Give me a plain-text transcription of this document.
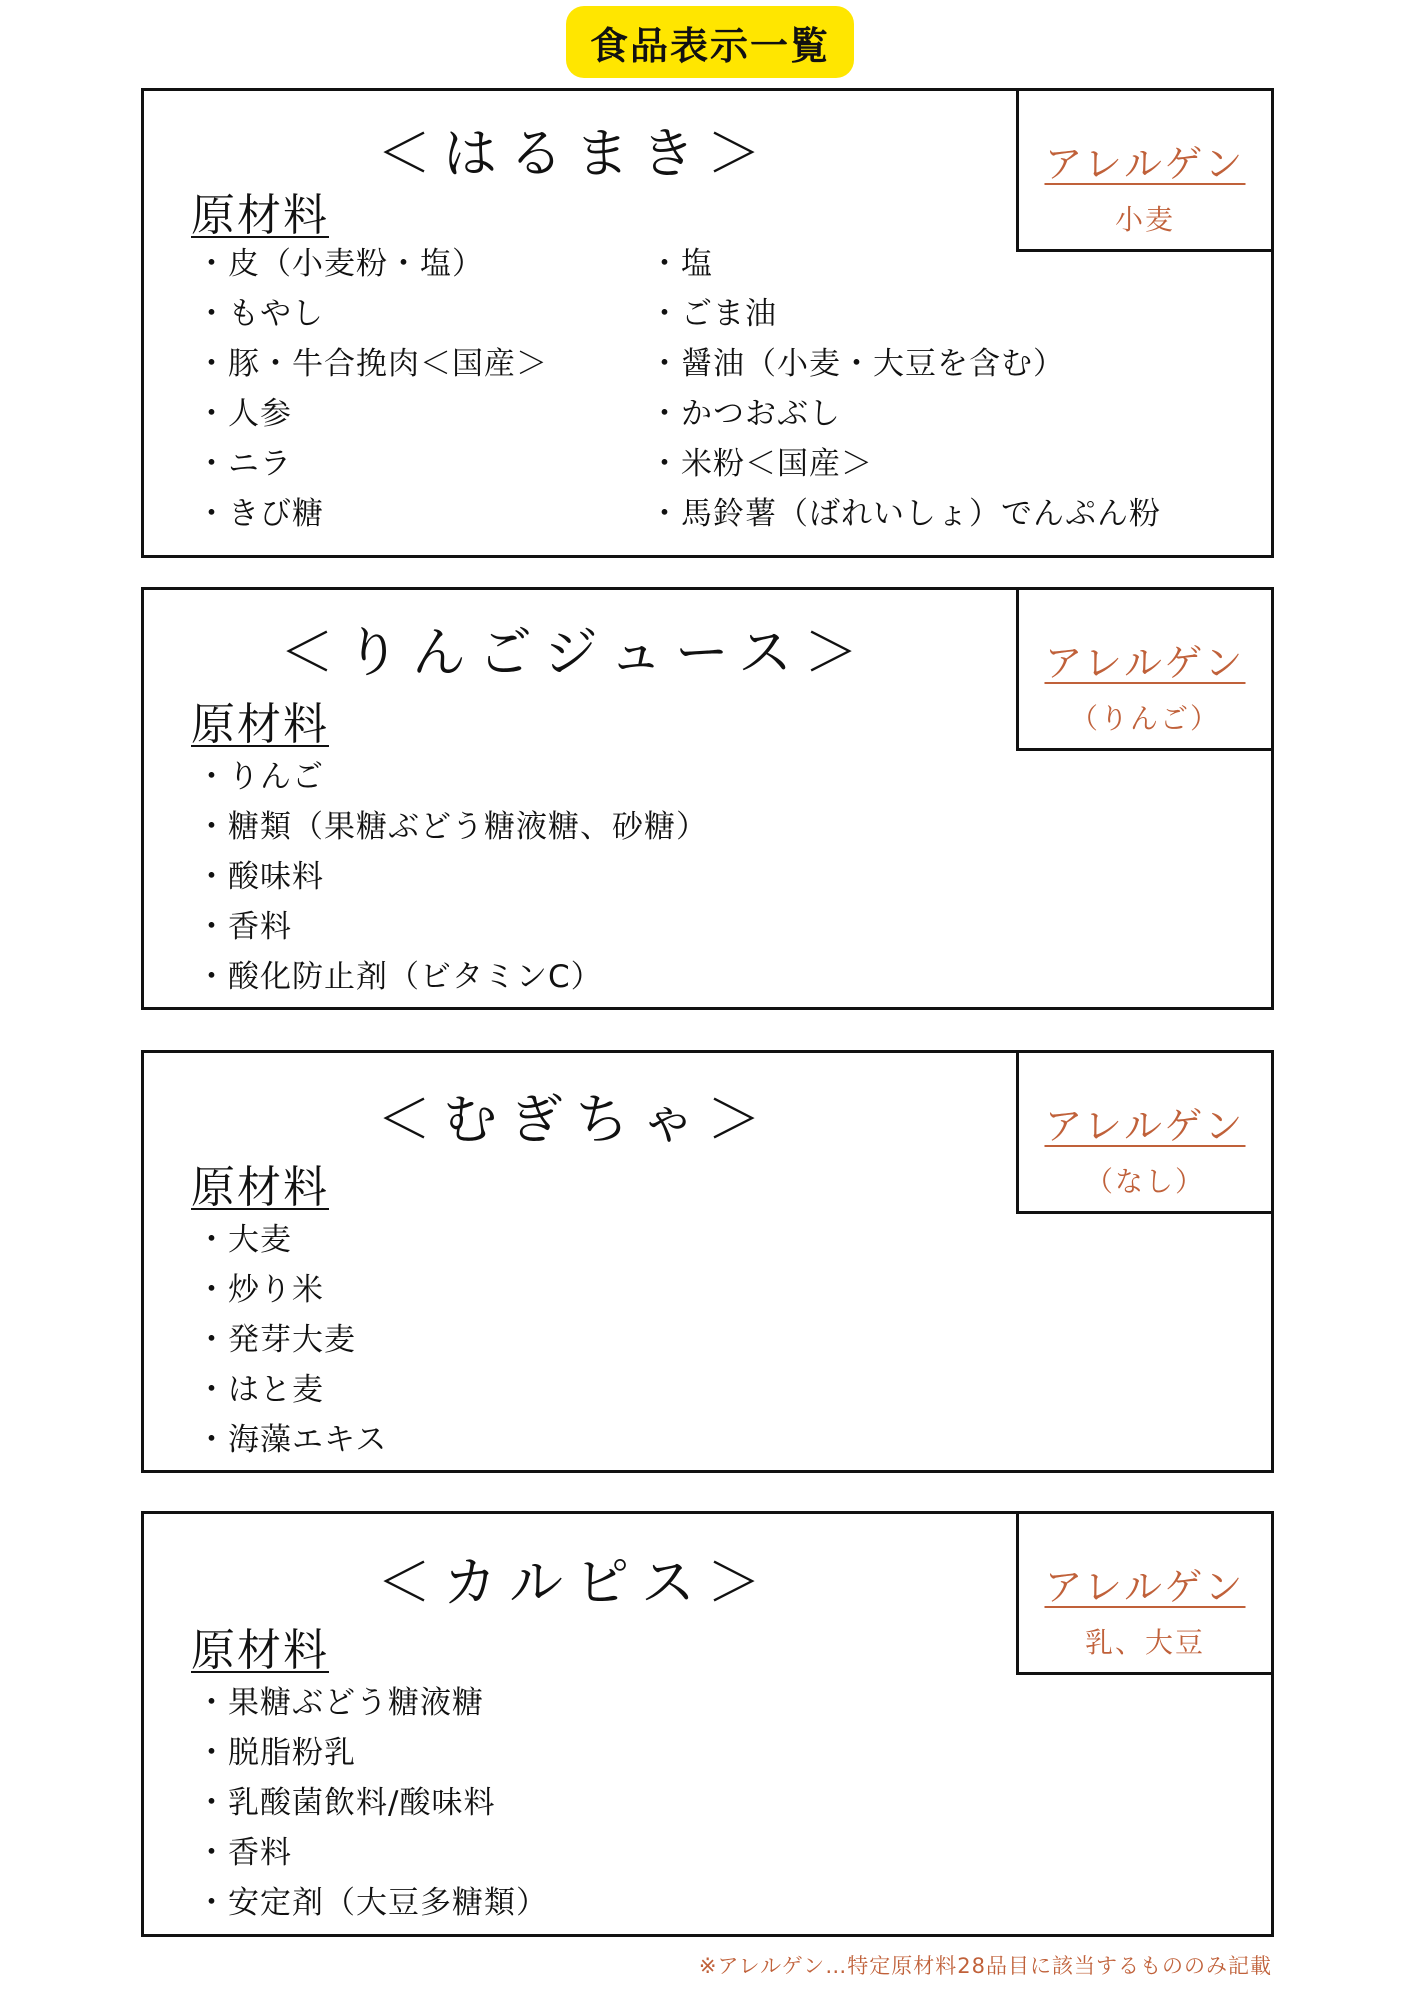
食品表示一覧
アレルゲン
小麦
＜はるまき＞
原材料
・ 皮（小麦粉・塩）
・ もやし
・ 豚・牛合挽肉＜国産＞
・ 人参
・ ニラ
・ きび糖
・ 塩
・ ごま油
・ 醤油（小麦・大豆を含む）
・ かつおぶし
・ 米粉＜国産＞
・ 馬鈴薯（ばれいしょ）でんぷん粉
アレルゲン
（りんご）
＜りんごジュース＞
原材料
・ りんご
・ 糖類（果糖ぶどう糖液糖、砂糖）
・ 酸味料
・ 香料
・ 酸化防止剤（ビタミンC）
アレルゲン
（なし）
＜むぎちゃ＞
原材料
・ 大麦
・ 炒り米
・ 発芽大麦
・ はと麦
・ 海藻エキス
アレルゲン
乳、大豆
＜カルピス＞
原材料
・ 果糖ぶどう糖液糖
・ 脱脂粉乳
・ 乳酸菌飲料/酸味料
・ 香料
・ 安定剤（大豆多糖類）
※アレルゲン…特定原材料28品目に該当するもののみ記載
